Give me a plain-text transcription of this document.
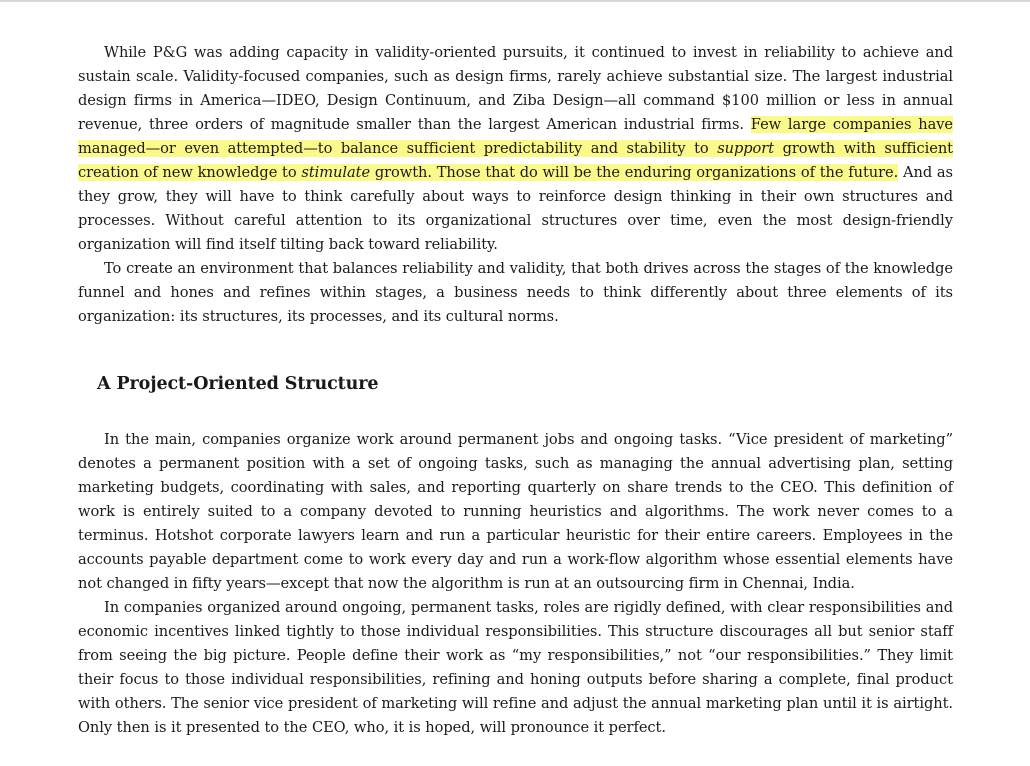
While P&G was adding capacity in validity-oriented pursuits, it continued to invest in reliability to achieve and sustain scale. Validity-focused companies, such as design firms, rarely achieve substantial size. The largest industrial design firms in America—IDEO, Design Continuum, and Ziba Design—all command $100 million or less in annual revenue, three orders of magnitude smaller than the largest American industrial firms. Few large companies have managed—or even attempted—to balance sufficient predictability and stability to support growth with sufficient creation of new knowledge to stimulate growth. Those that do will be the enduring organizations of the future. And as they grow, they will have to think carefully about ways to reinforce design thinking in their own structures and processes. Without careful attention to its organizational structures over time, even the most design-friendly organization will find itself tilting back toward reliability.

To create an environment that balances reliability and validity, that both drives across the stages of the knowledge funnel and hones and refines within stages, a business needs to think differently about three elements of its organization: its structures, its processes, and its cultural norms.

A Project-Oriented Structure

In the main, companies organize work around permanent jobs and ongoing tasks. “Vice president of marketing” denotes a permanent position with a set of ongoing tasks, such as managing the annual advertising plan, setting marketing budgets, coordinating with sales, and reporting quarterly on share trends to the CEO. This definition of work is entirely suited to a company devoted to running heuristics and algorithms. The work never comes to a terminus. Hotshot corporate lawyers learn and run a particular heuristic for their entire careers. Employees in the accounts payable department come to work every day and run a work-flow algorithm whose essential elements have not changed in fifty years—except that now the algorithm is run at an outsourcing firm in Chennai, India.

In companies organized around ongoing, permanent tasks, roles are rigidly defined, with clear responsibilities and economic incentives linked tightly to those individual responsibilities. This structure discourages all but senior staff from seeing the big picture. People define their work as “my responsibilities,” not “our responsibilities.” They limit their focus to those individual responsibilities, refining and honing outputs before sharing a complete, final product with others. The senior vice president of marketing will refine and adjust the annual marketing plan until it is airtight. Only then is it presented to the CEO, who, it is hoped, will pronounce it perfect.
